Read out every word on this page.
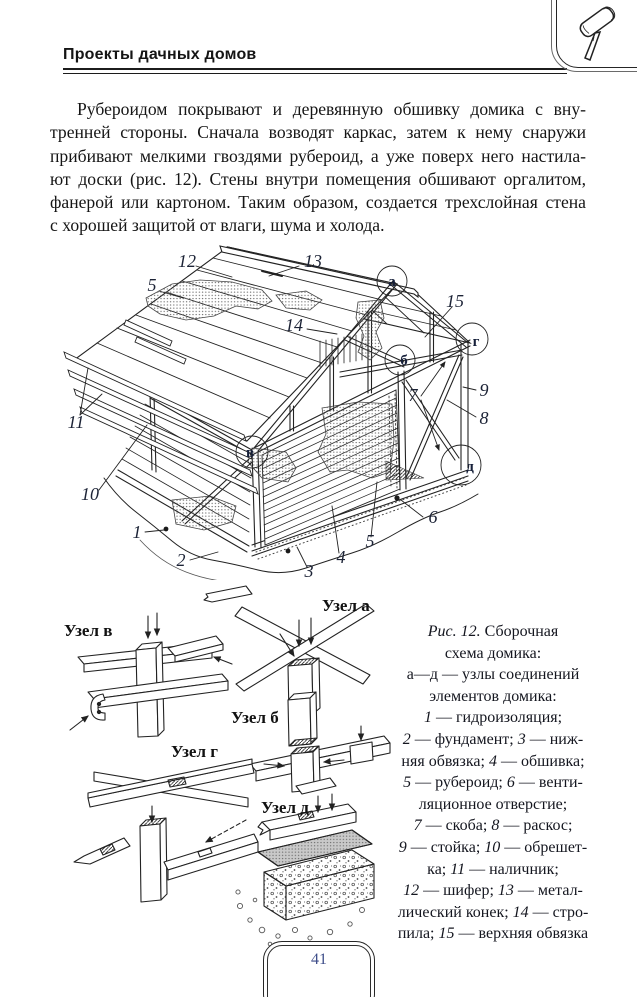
Проекты дачных домов
Рубероидом покрывают и деревянную обшивку домика с вну-
тренней стороны. Сначала возводят каркас, затем к нему снаружи
прибивают мелкими гвоздями рубероид, а уже поверх него настила-
ют доски (рис. 12). Стены внутри помещения обшивают оргалитом,
фанерой или картоном. Таким образом, создается трехслойная стена
с хорошей защитой от влаги, шума и холода.
12	13
5
15
14
9
7
8
11
10
6
1	5
4
2
3
а
б
в
г
д
Узел в
Узел а
Узел б
Узел г
Узел д
Рис. 12. Сборочная
схема домика:
а—д — узлы соединений
элементов домика:
1 — гидроизоляция;
2 — фундамент; 3 — ниж-
няя обвязка; 4 — обшивка;
5 — рубероид; 6 — венти-
ляционное отверстие;
7 — скоба; 8 — раскос;
9 — стойка; 10 — обрешет-
ка; 11 — наличник;
12 — шифер; 13 — метал-
лический конек; 14 — стро-
пила; 15 — верхняя обвязка
41
